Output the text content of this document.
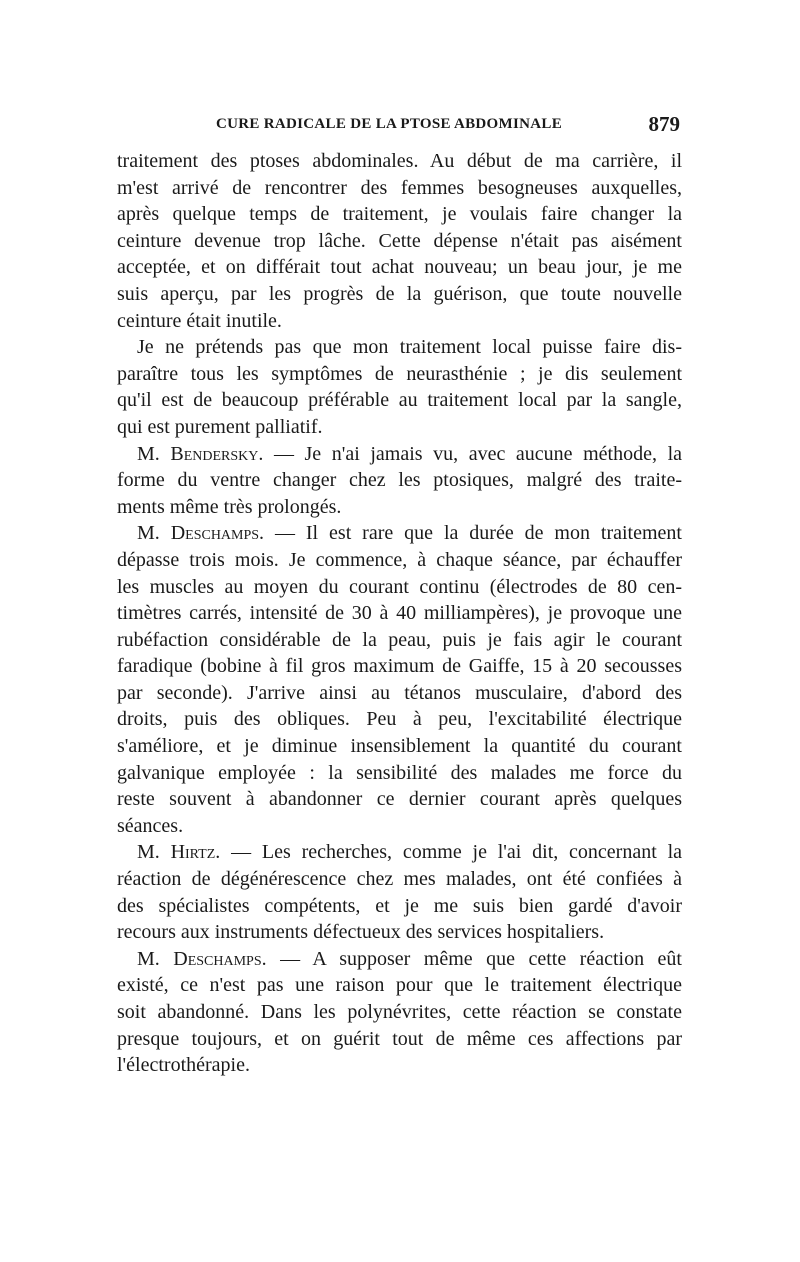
CURE RADICALE DE LA PTOSE ABDOMINALE	879

traitement des ptoses abdominales. Au début de ma carrière, il
m'est arrivé de rencontrer des femmes besogneuses auxquelles,
après quelque temps de traitement, je voulais faire changer la
ceinture devenue trop lâche. Cette dépense n'était pas aisément
acceptée, et on différait tout achat nouveau; un beau jour, je me
suis aperçu, par les progrès de la guérison, que toute nouvelle
ceinture était inutile.

Je ne prétends pas que mon traitement local puisse faire dis-
paraître tous les symptômes de neurasthénie ; je dis seulement
qu'il est de beaucoup préférable au traitement local par la sangle,
qui est purement palliatif.

M. Bendersky. — Je n'ai jamais vu, avec aucune méthode, la
forme du ventre changer chez les ptosiques, malgré des traite-
ments même très prolongés.

M. Deschamps. — Il est rare que la durée de mon traitement
dépasse trois mois. Je commence, à chaque séance, par échauffer
les muscles au moyen du courant continu (électrodes de 80 cen-
timètres carrés, intensité de 30 à 40 milliampères), je provoque une
rubéfaction considérable de la peau, puis je fais agir le courant
faradique (bobine à fil gros maximum de Gaiffe, 15 à 20 secousses
par seconde). J'arrive ainsi au tétanos musculaire, d'abord des
droits, puis des obliques. Peu à peu, l'excitabilité électrique
s'améliore, et je diminue insensiblement la quantité du courant
galvanique employée : la sensibilité des malades me force du
reste souvent à abandonner ce dernier courant après quelques
séances.

M. Hirtz. — Les recherches, comme je l'ai dit, concernant la
réaction de dégénérescence chez mes malades, ont été confiées à
des spécialistes compétents, et je me suis bien gardé d'avoir
recours aux instruments défectueux des services hospitaliers.

M. Deschamps. — A supposer même que cette réaction eût
existé, ce n'est pas une raison pour que le traitement électrique
soit abandonné. Dans les polynévrites, cette réaction se constate
presque toujours, et on guérit tout de même ces affections par
l'électrothérapie.
